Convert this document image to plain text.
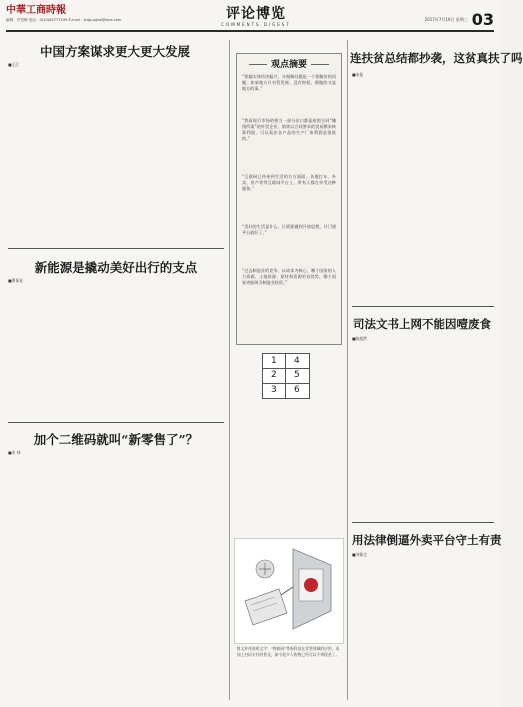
中華工商時報
编辑：许雪梅 电话：(010)63777195 E-mail：zhgs-xgbz@sina.com	评论博览
COMMENTS DIGEST
2017年7月19日 星期三 03
中国方案谋求更大更大发展
■王江
新能源是撬动美好出行的支点
■曹保星
加个二维码就叫“新零售了”？
■木 林
观点摘要
“要搞实体经济振兴，分税制问题是一个要解决的问题，如果地方只有管发展、没有财权，那做的又是地方的事。”
“我看现行市场的相当一部分出口都是按照合同“赚钱所需”的外贸企业，如果以合同要求的贸易额来核算利润，可以看出各产品的生产厂家利润是很低的。”
“互联网已经来到生活的方方面面，各地打车、外卖、房产等等互联网平台上，所有人都在享受这种服务。”
“美好的生活是什么，只需要做到开放思想，开门建平台就好了。”
“过去制造业的竞争，以成本为核心，哪个国家的人力资源、土地资源、原材料资源更具优势，哪个国家更能吸引制造业投资。”
1 4
2 5
3 6
图文并茂说明文字：“物联网”等新科技在零售领域的应用，再加上扫码支付的普及，如今很多人购物已经可以不带现金了。
连扶贫总结都抄袭，这贫真扶了吗
■本报
司法文书上网不能因噎废食
■陈超然
用法律倒逼外卖平台守土有责
■刘保全
